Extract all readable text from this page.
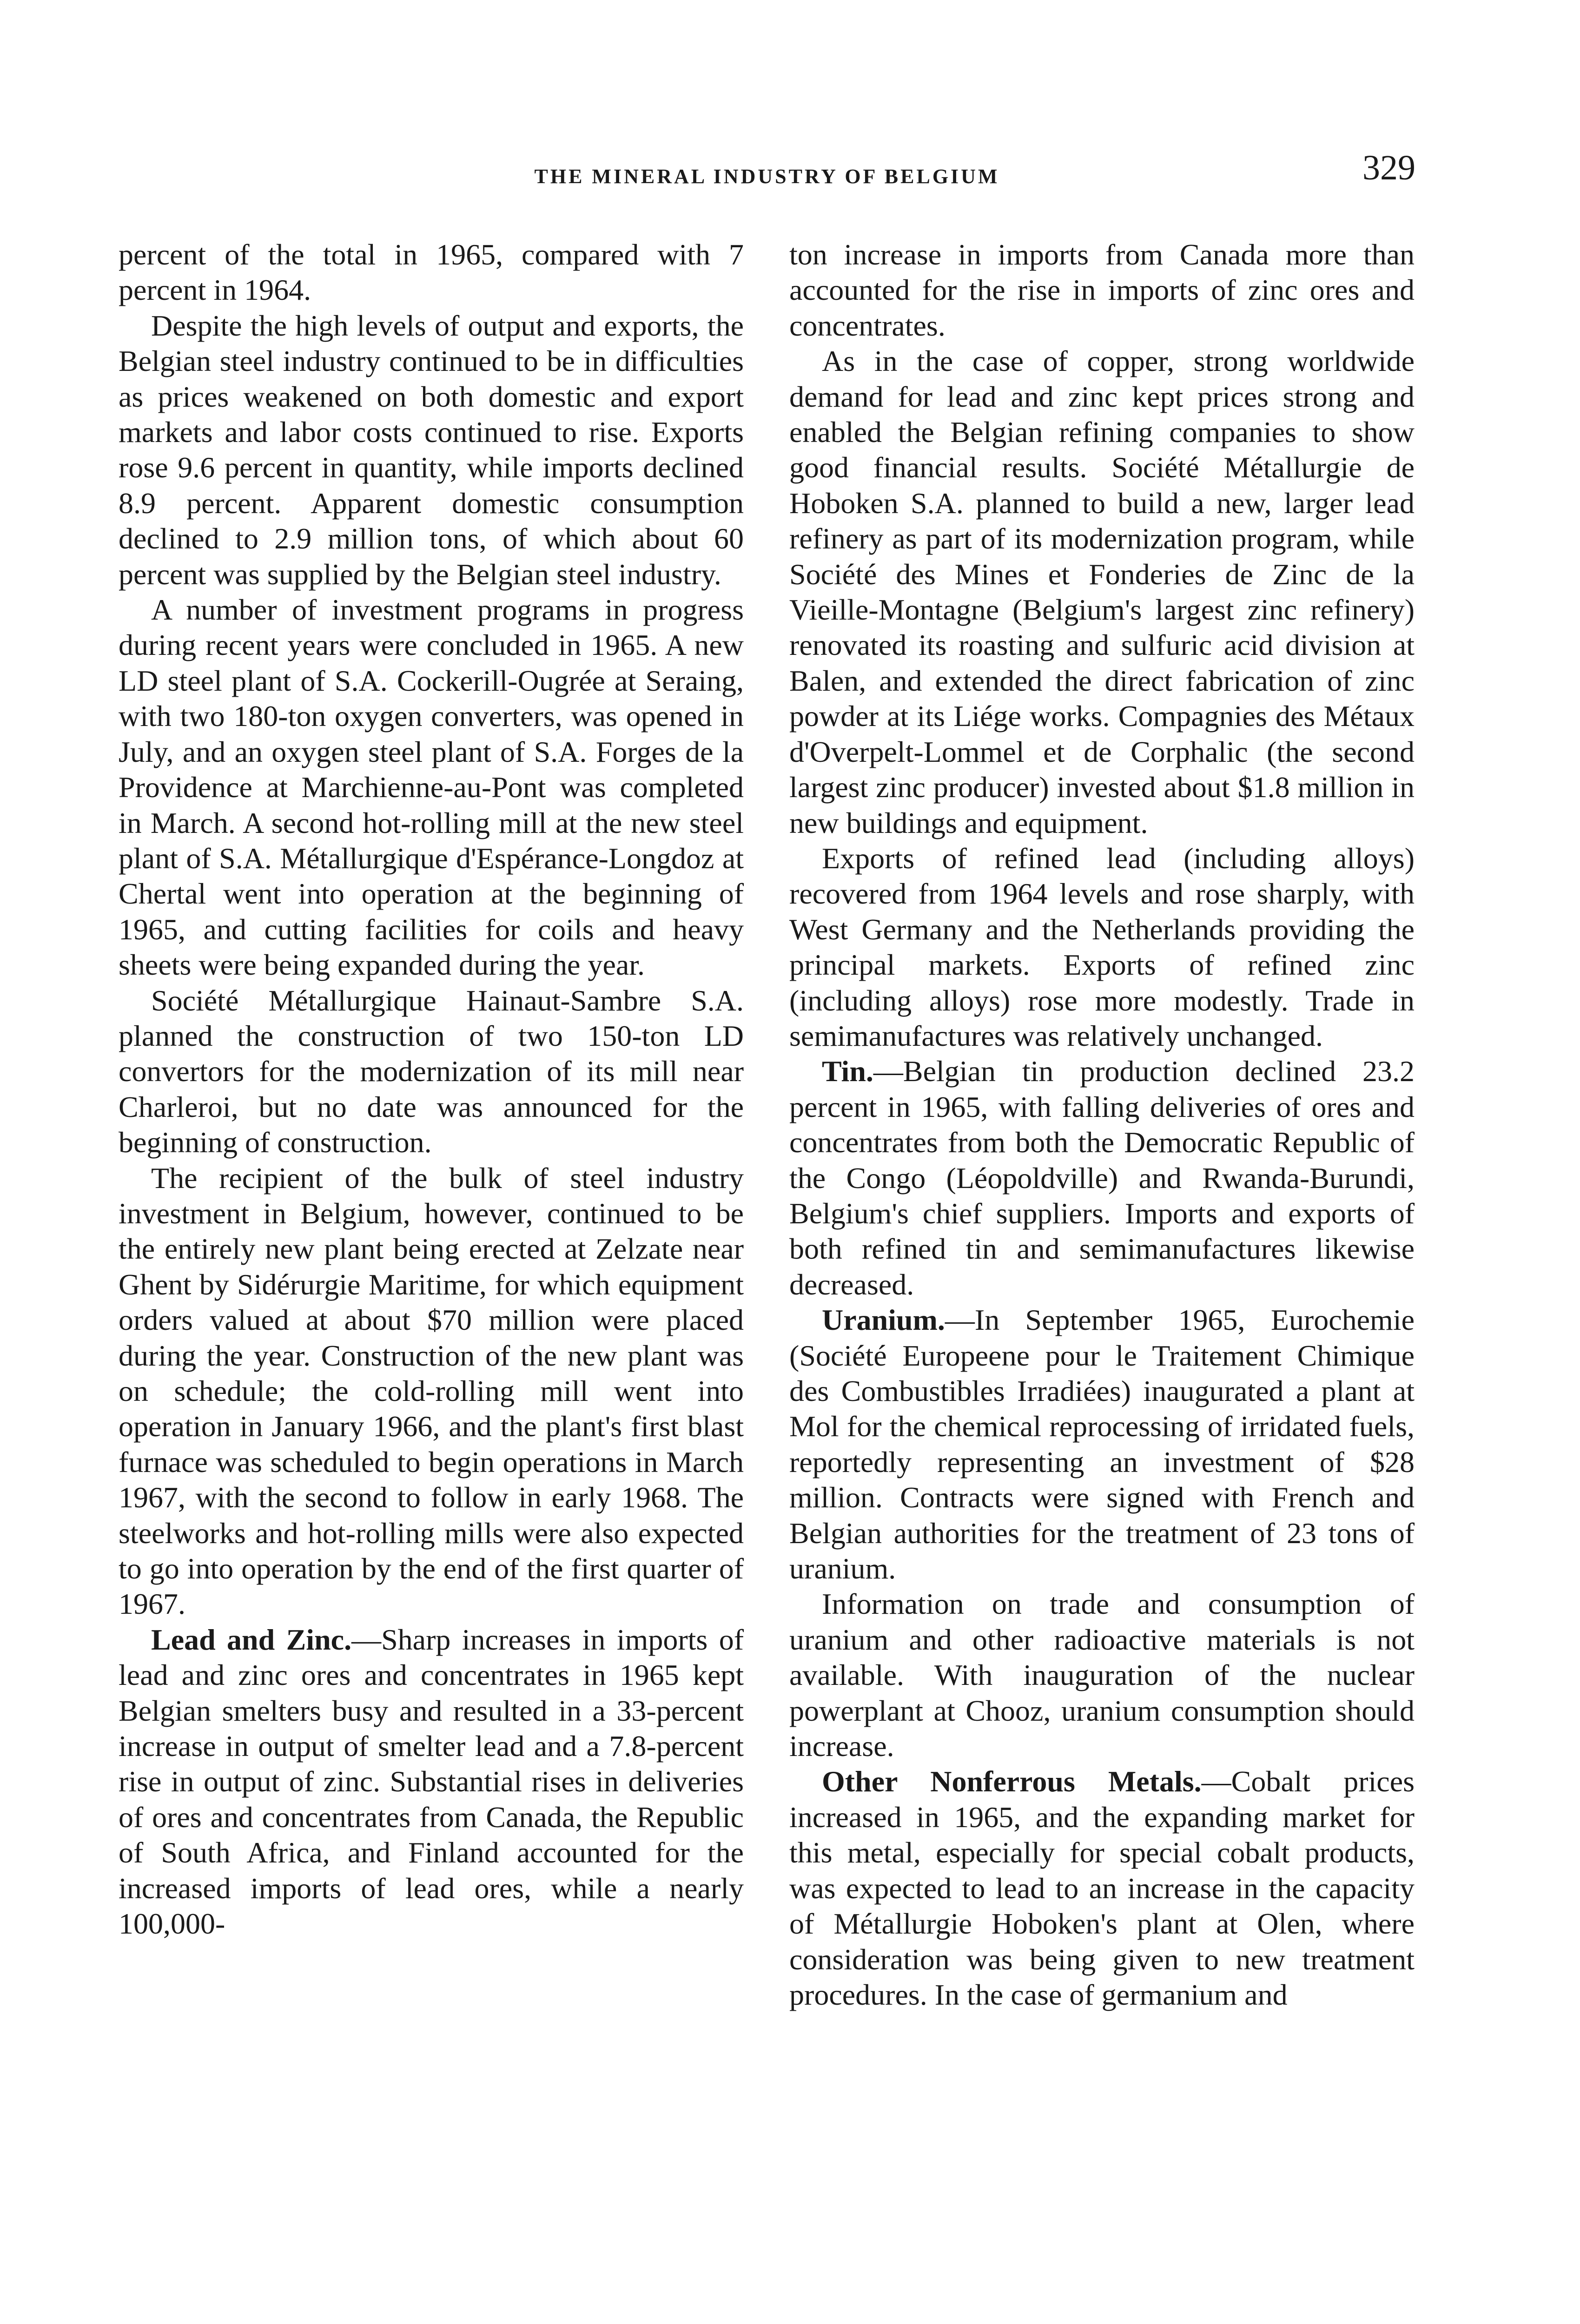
THE MINERAL INDUSTRY OF BELGIUM	329

percent of the total in 1965, compared with 7 percent in 1964.

Despite the high levels of output and exports, the Belgian steel industry continued to be in difficulties as prices weakened on both domestic and export markets and labor costs continued to rise. Exports rose 9.6 percent in quantity, while imports declined 8.9 percent. Apparent domestic consumption declined to 2.9 million tons, of which about 60 percent was supplied by the Belgian steel industry.

A number of investment programs in progress during recent years were concluded in 1965. A new LD steel plant of S.A. Cockerill-Ougrée at Seraing, with two 180-ton oxygen converters, was opened in July, and an oxygen steel plant of S.A. Forges de la Providence at Marchienne-au-Pont was completed in March. A second hot-rolling mill at the new steel plant of S.A. Métallurgique d'Espérance-Longdoz at Chertal went into operation at the beginning of 1965, and cutting facilities for coils and heavy sheets were being expanded during the year.

Société Métallurgique Hainaut-Sambre S.A. planned the construction of two 150-ton LD convertors for the modernization of its mill near Charleroi, but no date was announced for the beginning of construction.

The recipient of the bulk of steel industry investment in Belgium, however, continued to be the entirely new plant being erected at Zelzate near Ghent by Sidérurgie Maritime, for which equipment orders valued at about $70 million were placed during the year. Construction of the new plant was on schedule; the cold-rolling mill went into operation in January 1966, and the plant's first blast furnace was scheduled to begin operations in March 1967, with the second to follow in early 1968. The steelworks and hot-rolling mills were also expected to go into operation by the end of the first quarter of 1967.

Lead and Zinc.—Sharp increases in imports of lead and zinc ores and concentrates in 1965 kept Belgian smelters busy and resulted in a 33-percent increase in output of smelter lead and a 7.8-percent rise in output of zinc. Substantial rises in deliveries of ores and concentrates from Canada, the Republic of South Africa, and Finland accounted for the increased imports of lead ores, while a nearly 100,000-

ton increase in imports from Canada more than accounted for the rise in imports of zinc ores and concentrates.

As in the case of copper, strong worldwide demand for lead and zinc kept prices strong and enabled the Belgian refining companies to show good financial results. Société Métallurgie de Hoboken S.A. planned to build a new, larger lead refinery as part of its modernization program, while Société des Mines et Fonderies de Zinc de la Vieille-Montagne (Belgium's largest zinc refinery) renovated its roasting and sulfuric acid division at Balen, and extended the direct fabrication of zinc powder at its Liége works. Compagnies des Métaux d'Overpelt-Lommel et de Corphalic (the second largest zinc producer) invested about $1.8 million in new buildings and equipment.

Exports of refined lead (including alloys) recovered from 1964 levels and rose sharply, with West Germany and the Netherlands providing the principal markets. Exports of refined zinc (including alloys) rose more modestly. Trade in semimanufactures was relatively unchanged.

Tin.—Belgian tin production declined 23.2 percent in 1965, with falling deliveries of ores and concentrates from both the Democratic Republic of the Congo (Léopoldville) and Rwanda-Burundi, Belgium's chief suppliers. Imports and exports of both refined tin and semimanufactures likewise decreased.

Uranium.—In September 1965, Eurochemie (Société Europeene pour le Traitement Chimique des Combustibles Irradiées) inaugurated a plant at Mol for the chemical reprocessing of irridated fuels, reportedly representing an investment of $28 million. Contracts were signed with French and Belgian authorities for the treatment of 23 tons of uranium.

Information on trade and consumption of uranium and other radioactive materials is not available. With inauguration of the nuclear powerplant at Chooz, uranium consumption should increase.

Other Nonferrous Metals.—Cobalt prices increased in 1965, and the expanding market for this metal, especially for special cobalt products, was expected to lead to an increase in the capacity of Métallurgie Hoboken's plant at Olen, where consideration was being given to new treatment procedures. In the case of germanium and
